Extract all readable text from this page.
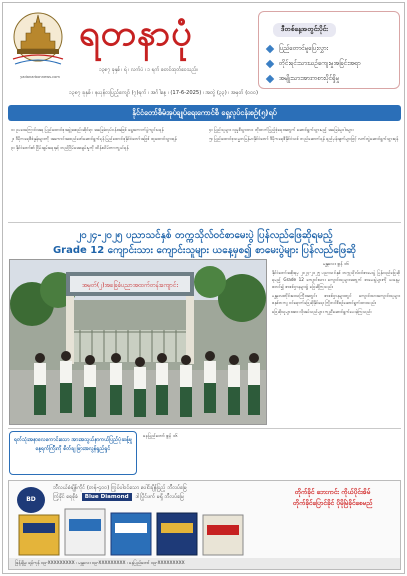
yadanarbonnews.com
ရတနာပုံ
၁၃၈၇ ခုနှစ် ၊ ရဲ ၊ လက်ပံ ၊ ၁ ရက် စတင်ထုတ်ဝေသည်။
၁၃၈၇ ခုနှစ် ၊ နယုန်လပြည့်ကျော် (၇)ရက် ၊ အင်္ဂါနေ့ ၊ (17-6-2025) ၊ အတွဲ (၃၃) ၊ အမှတ် (၀၀၀)
ဒီတစ်နေ့အတွင်းပိုင်း
ပြည်တောင်မူပြေးလွှား
တိုင်းရင်းသားယဉ်ကျေးမှုအခြင်းအရာ
အမျိုးသားအားကစားပိုင်ရှိမှု
နိုင်ငံတော်စီမံအုပ်ချုပ်ရေးကောင်စီ ရှေ့လုပ်ငန်းစဉ်(၅)ရပ်

၁။ ဥပဒေကြောင်းအရ ပြည်ထောင်စုအဖွဲ့အစည်းဆိုင်ရာ အခြေခံလုပ်ငန်းအဖြစ် ရွေးကောက်ပွဲကျင်းပရန်

၂။ ဒီမိုကရေစီစံနှုန်းများကို အကောင်အထည်ဖော်ဆောင်ရွက်ရန် ပြည်ထောင်စုနိုင်ငံတော်အဖြစ် ထူထောင်သွားရန်

၃။ နိုင်ငံတော်၏ ငြိမ်းချမ်းရေးနှင့် တည်ငြိမ်အေးချမ်းမှုကို ထိန်းသိမ်းကာကွယ်ရန်

၄။ ပြည်သူများ လူမှုစီးပွားဘဝ တိုးတက်ပြည့်စုံရေးအတွက် ဆောင်ရွက်သွားမည့် အခြေခံမူဝါဒများ

၅။ ပြည်ထောင်စုသမ္မတမြန်မာနိုင်ငံတော် ဒီမိုကရေစီနိုင်ငံသစ် တည်ဆောက်ရန် ရည်မှန်းချက်များဖြင့် လက်တွဲဆောင်ရွက်သွားရန်

၂၀၂၄-၂၀၂၅ ပညာသင်နှစ် တက္ကသိုလ်ဝင်စာမေးပွဲ ပြန်လည်ဖြေဆိုရမည့်
Grade 12 ကျောင်းသား ကျောင်းသူများ ယနေ့မှစ၍ စာမေးပွဲများ ပြန်လည်ဖြေဆို
အမှတ်(၂)အခြေခံပညာအထက်တန်းကျောင်း
မန္တလေး ဇွန် ၁၆

နိုင်ငံတော်အစိုးရမှ ၂၀၂၄-၂၀၂၅ ပညာသင်နှစ် တက္ကသိုလ်ဝင်စာမေးပွဲ ပြန်လည်ဖြေဆိုရမည့် Grade 12 ကျောင်းသား ကျောင်းသူများအတွက် စာမေးပွဲများကို ယနေ့မှစတင်၍ စာစစ်ဌာနများ၌ ဖြေဆိုကြသည်။

မန္တလေးတိုင်းဒေသကြီးအတွင်း စာစစ်ဌာနများတွင် ကျောင်းသားကျောင်းသူများ စနစ်တကျ ဝင်ရောက်ဖြေဆိုနိုင်ရေး ကြိုတင်စီစဉ်ဆောင်ရွက်ထားသည်။

ဖြေဆိုသူများအား လိုအပ်သည်များ ကူညီဆောင်ရွက်ပေးခဲ့ကြသည်။

ရတ်သုံးအနာလေကောင်းသော အားအသွယ်နာကယ်ပြည်ပုံဆန့်မှု နေ့ရက်ကြီးကို စိတ်ချ မြားအလွန်ရှည်ရှင်
နေပြည်တော် ဇွန် ၁၆
BD
ဘီလယ်စံချိန်ကိုင် (တန်-၄၀၀) ကြွပ်ပါဝင်သော ပေါင်ချိန်ပြည့် ဘီလပ်မြေ
ကြံ့ခိုင် ရေစိုခံ Blue Diamond ဒါ ပြိုင်ဖက် မရှိ ဘီလပ်မြေ
တိုက်ခိုင် ဘေးကင်း ကိုယ်ပိုင်အိမ်
တိုက်ခိုင်ပြောင်ခိုင် ပိုမိုမြဲခိုင်စေမည်
ဖြန့်ချိမှု၊ ရန်ကုန် ၀၉-XXXXXXXXX ၊ မန္တလေး ၀၉-XXXXXXXXX ၊ နေပြည်တော် ၀၉-XXXXXXXXX
